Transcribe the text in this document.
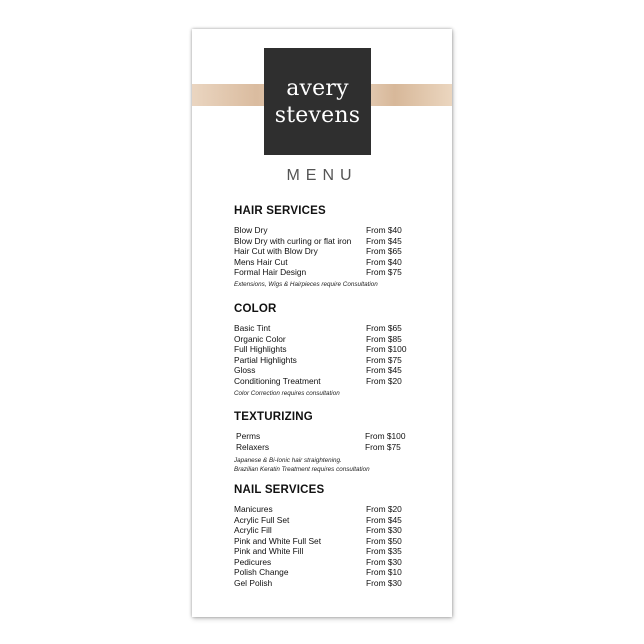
avery
stevens
MENU
HAIR SERVICES
Blow Dry	From $40
Blow Dry with curling or flat iron From $45
Hair Cut with Blow Dry	From $65
Mens Hair Cut	From $40
Formal Hair Design	From $75
Extensions, Wigs & Hairpieces require Consultation
COLOR
Basic Tint	From $65
Organic Color	From $85
Full Highlights	From $100
Partial Highlights	From $75
Gloss	From $45
Conditioning Treatment	From $20
Color Correction requires consultation
TEXTURIZING
Perms	From $100
Relaxers	From $75
Japanese & Bi-Ionic hair straightening.
Brazilian Keratin Treatment requires consultation
NAIL SERVICES
Manicures	From $20
Acrylic Full Set	From $45
Acrylic Fill	From $30
Pink and White Full Set	From $50
Pink and White Fill	From $35
Pedicures	From $30
Polish Change	From $10
Gel Polish	From $30
